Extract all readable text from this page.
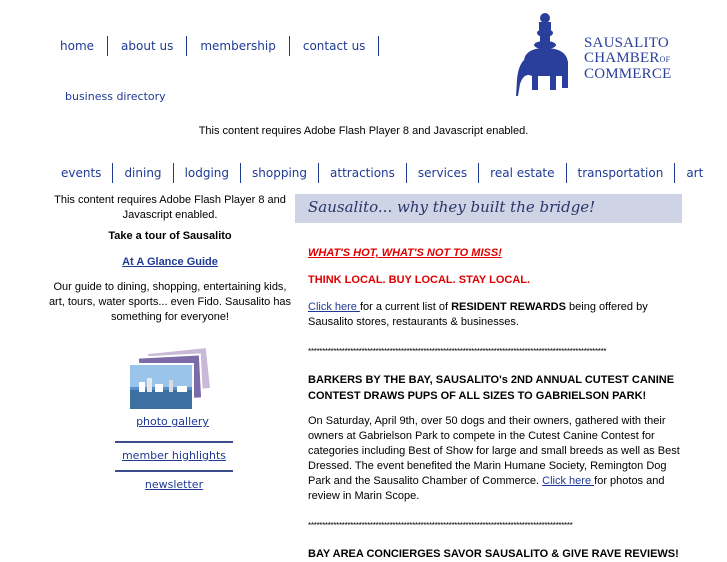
home	about us	membership	contact us
business directory
SAUSALITO
CHAMBEROF
COMMERCE
This content requires Adobe Flash Player 8 and Javascript enabled.
events	dining	lodging	shopping	attractions	services	real estate	transportation	art
This content requires Adobe Flash Player 8 and Javascript enabled.
Take a tour of Sausalito
At A Glance Guide
Our guide to dining, shopping, entertaining kids, art, tours, water sports... even Fido. Sausalito has something for everyone!
photo gallery
member highlights
newsletter
Sausalito... why they built the bridge!
WHAT'S HOT, WHAT'S NOT TO MISS!
THINK LOCAL. BUY LOCAL. STAY LOCAL.
Click here for a current list of RESIDENT REWARDS being offered by Sausalito stores, restaurants & businesses.
**********************************************************************************************************
BARKERS BY THE BAY, SAUSALITO's 2ND ANNUAL CUTEST CANINE CONTEST DRAWS PUPS OF ALL SIZES TO GABRIELSON PARK!
On Saturday, April 9th, over 50 dogs and their owners, gathered with their owners at Gabrielson Park to compete in the Cutest Canine Contest for categories including Best of Show for large and small breeds as well as Best Dressed. The event benefited the Marin Humane Society, Remington Dog Park and the Sausalito Chamber of Commerce. Click here for photos and review in Marin Scope.
**********************************************************************************************
BAY AREA CONCIERGES SAVOR SAUSALITO & GIVE RAVE REVIEWS!
